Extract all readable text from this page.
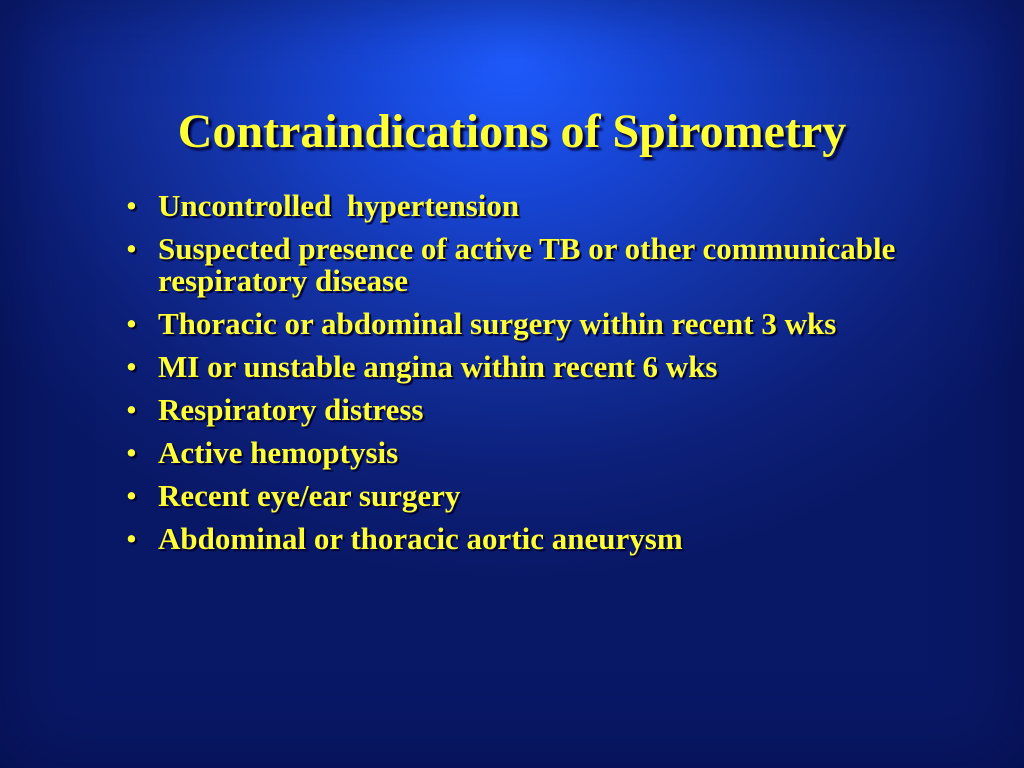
Contraindications of Spirometry
• Uncontrolled  hypertension
• Suspected presence of active TB or other communicable respiratory disease
• Thoracic or abdominal surgery within recent 3 wks
• MI or unstable angina within recent 6 wks
• Respiratory distress
• Active hemoptysis
• Recent eye/ear surgery
• Abdominal or thoracic aortic aneurysm
